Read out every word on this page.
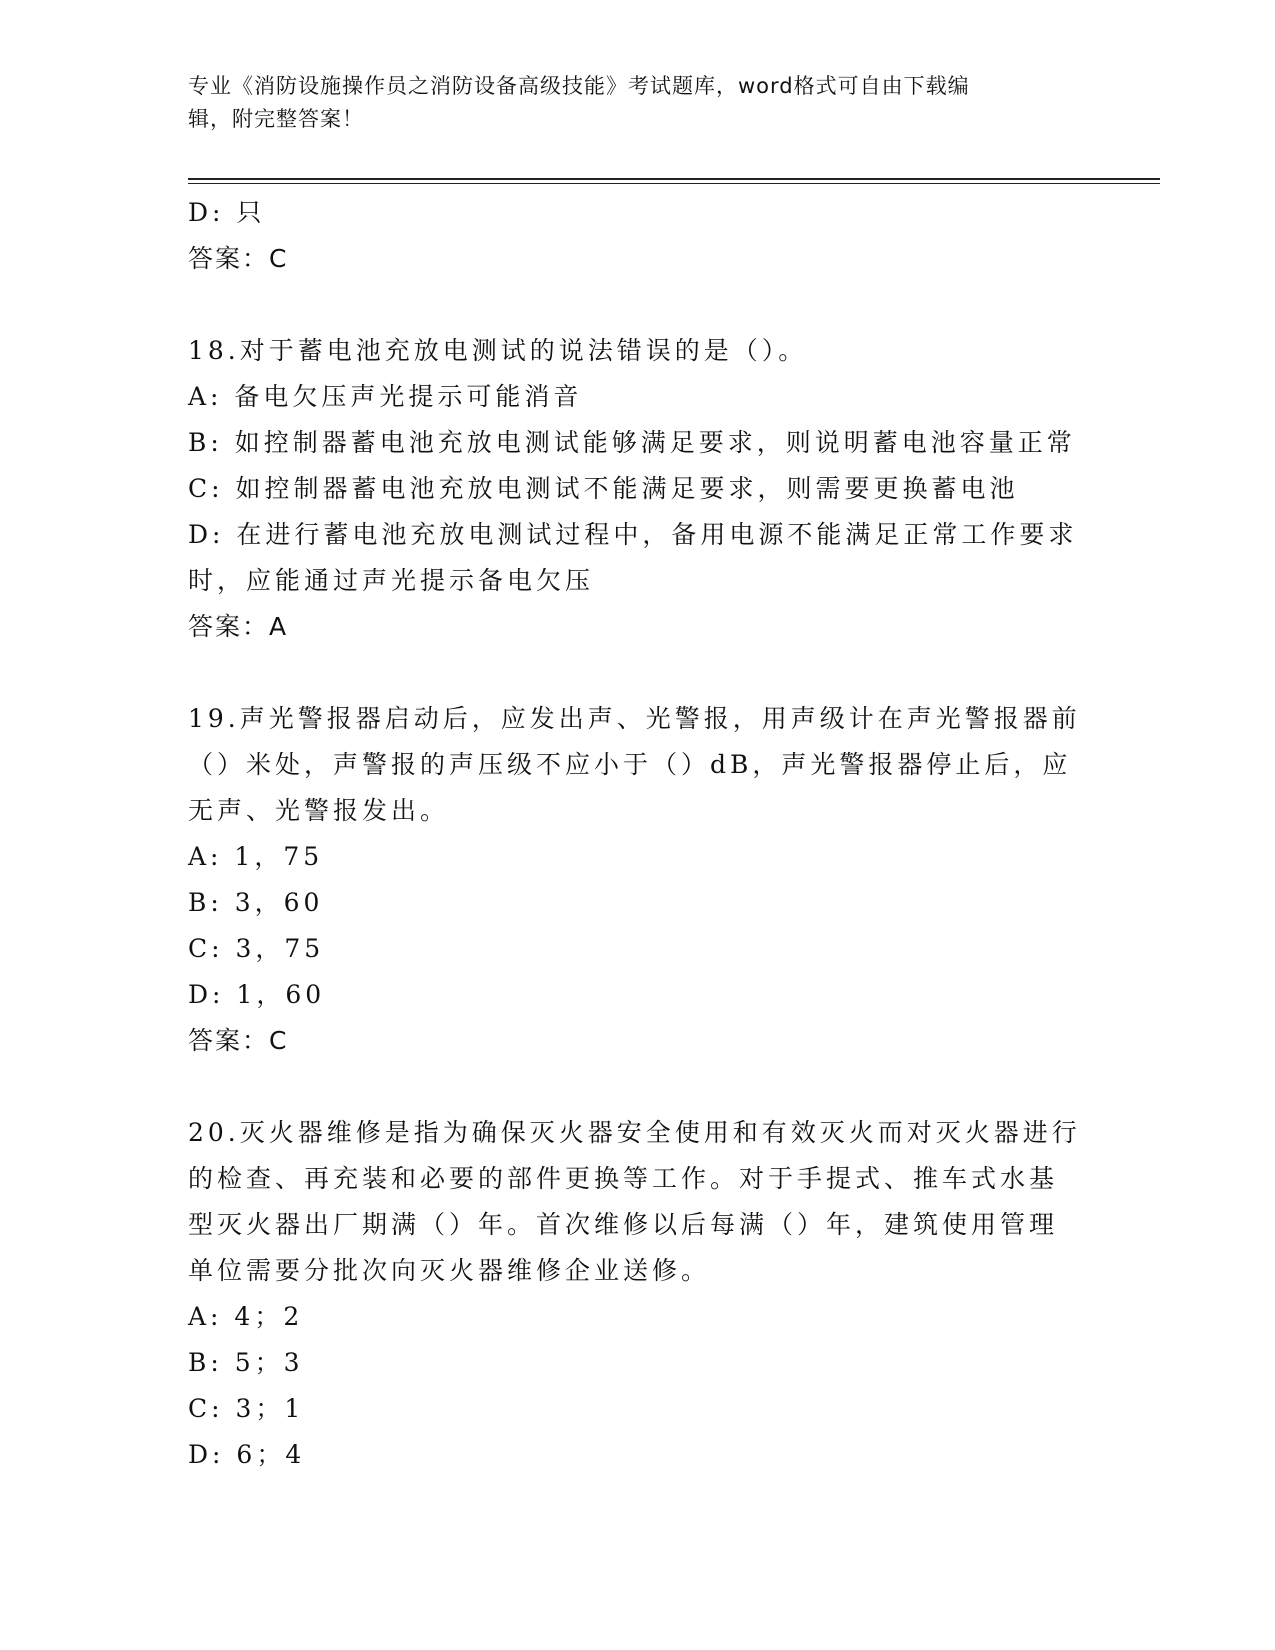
专业《消防设施操作员之消防设备高级技能》考试题库，word格式可自由下载编
辑，附完整答案！
D: 只
答案：C
18.对于蓄电池充放电测试的说法错误的是（）。
A: 备电欠压声光提示可能消音
B: 如控制器蓄电池充放电测试能够满足要求，则说明蓄电池容量正常
C: 如控制器蓄电池充放电测试不能满足要求，则需要更换蓄电池
D: 在进行蓄电池充放电测试过程中，备用电源不能满足正常工作要求
时，应能通过声光提示备电欠压
答案：A
19.声光警报器启动后，应发出声、光警报，用声级计在声光警报器前
（）米处，声警报的声压级不应小于（）dB，声光警报器停止后，应
无声、光警报发出。
A: 1，75
B: 3，60
C: 3，75
D: 1，60
答案：C
20.灭火器维修是指为确保灭火器安全使用和有效灭火而对灭火器进行
的检查、再充装和必要的部件更换等工作。对于手提式、推车式水基
型灭火器出厂期满（）年。首次维修以后每满（）年，建筑使用管理
单位需要分批次向灭火器维修企业送修。
A: 4；2
B: 5；3
C: 3；1
D: 6；4
